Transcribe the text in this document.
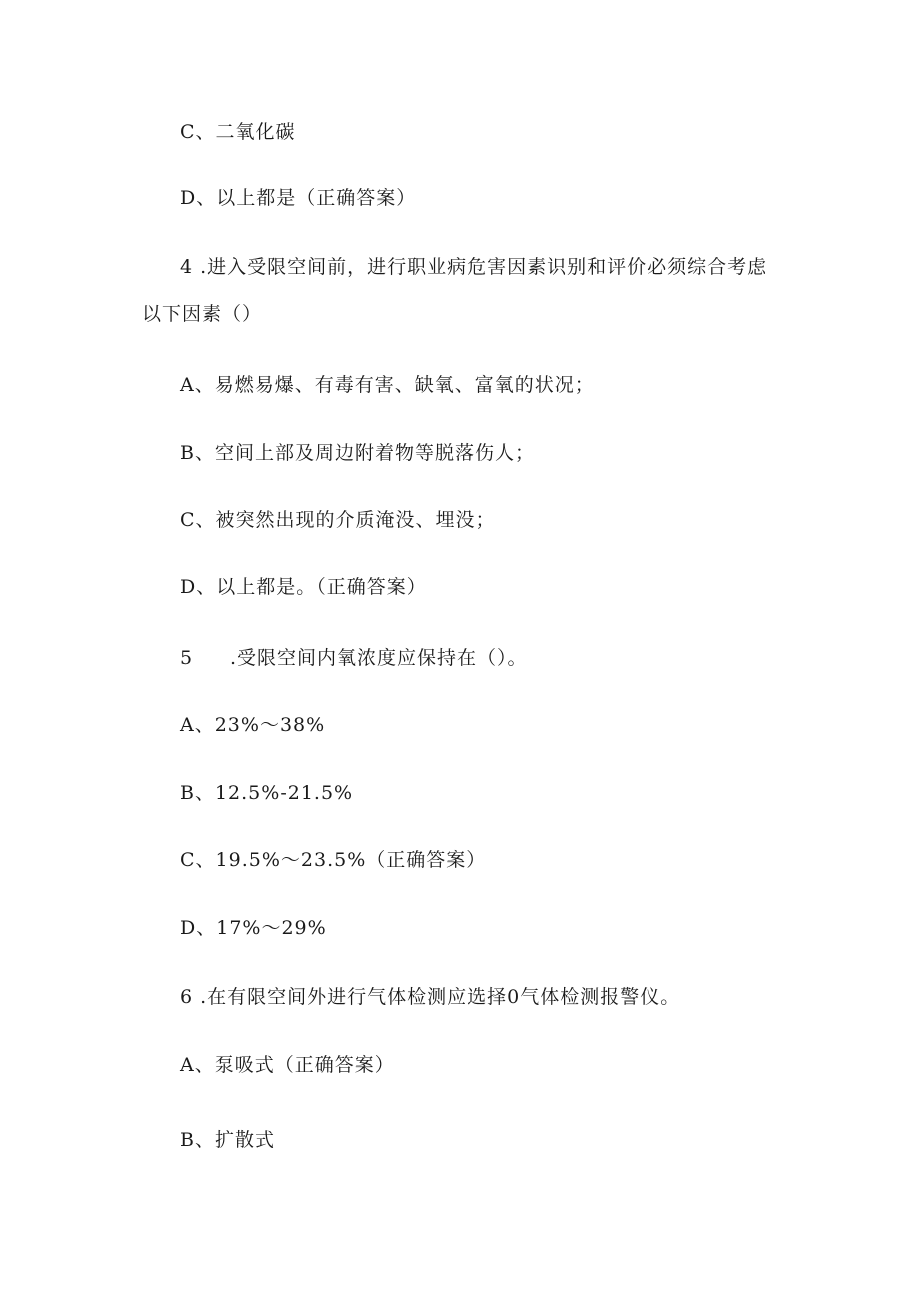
C、二氧化碳
D、以上都是（正确答案）
4 .进入受限空间前，进行职业病危害因素识别和评价必须综合考虑
以下因素（）
A、易燃易爆、有毒有害、缺氧、富氧的状况；
B、空间上部及周边附着物等脱落伤人；
C、被突然出现的介质淹没、埋没；
D、以上都是。（正确答案）
5 .受限空间内氧浓度应保持在（）。
A、23%～38%
B、12.5%-21.5%
C、19.5%～23.5%（正确答案）
D、17%～29%
6 .在有限空间外进行气体检测应选择0气体检测报警仪。
A、泵吸式（正确答案）
B、扩散式
